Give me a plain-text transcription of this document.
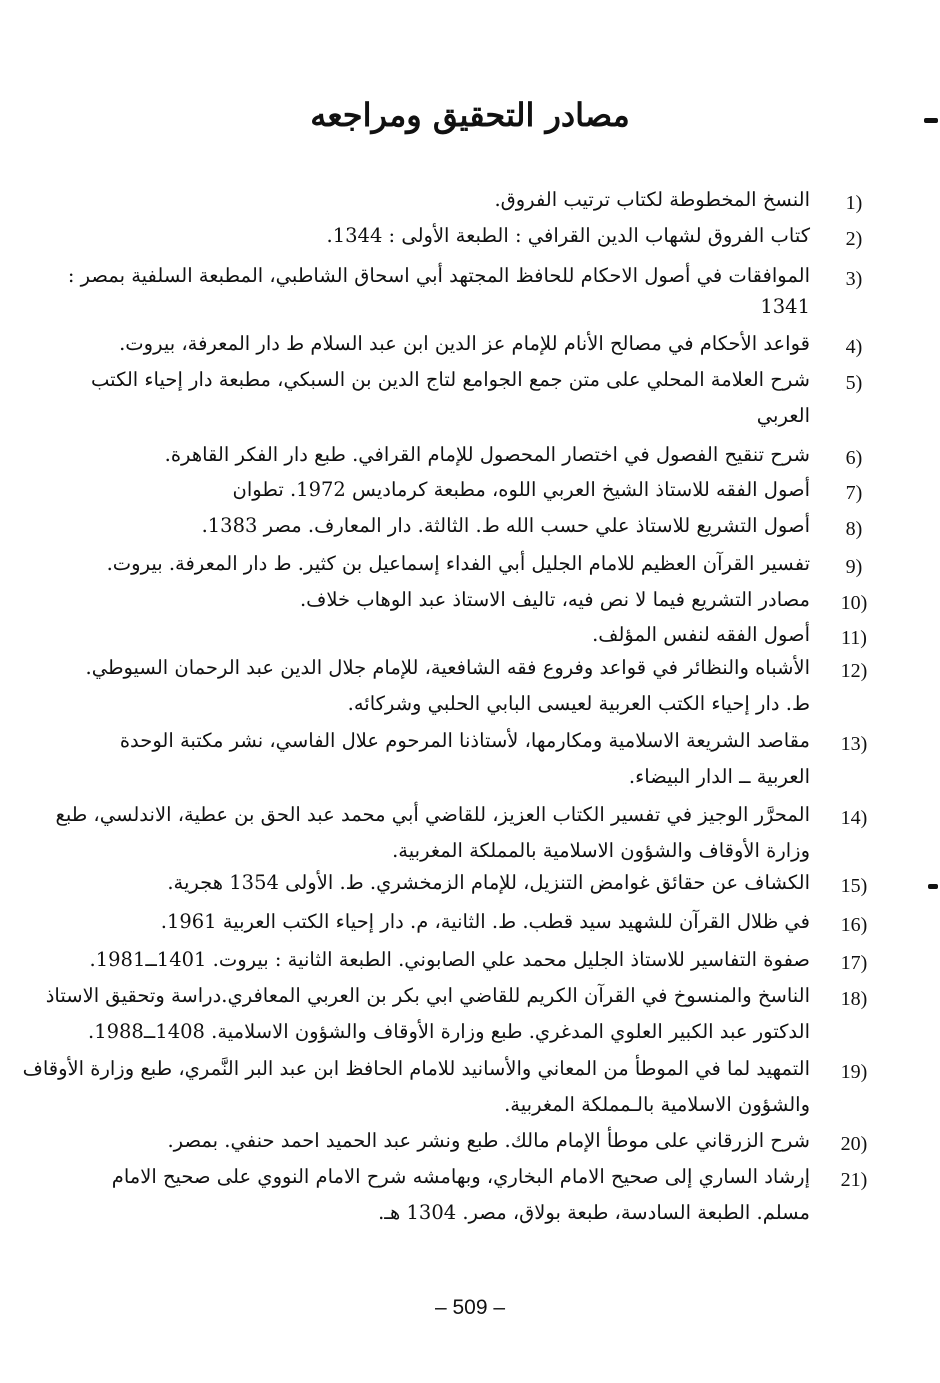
مصادر التحقيق ومراجعه
1)
النسخ المخطوطة لكتاب ترتيب الفروق.
2)
كتاب الفروق لشهاب الدين القرافي : الطبعة الأولى : 1344.
3)
الموافقات في أصول الاحكام للحافظ المجتهد أبي اسحاق الشاطبي، المطبعة السلفية بمصر :
1341
4)
قواعد الأحكام في مصالح الأنام للإمام عز الدين ابن عبد السلام ط دار المعرفة، بيروت.
5)
شرح العلامة المحلي على متن جمع الجوامع لتاج الدين بن السبكي، مطبعة دار إحياء الكتب
العربي
6)
شرح تنقيح الفصول في اختصار المحصول للإمام القرافي. طبع دار الفكر القاهرة.
7)
أصول الفقه للاستاذ الشيخ العربي اللوه، مطبعة كرماديس 1972. تطوان
8)
أصول التشريع للاستاذ علي حسب الله ط. الثالثة. دار المعارف. مصر 1383.
9)
تفسير القرآن العظيم للامام الجليل أبي الفداء إسماعيل بن كثير. ط دار المعرفة. بيروت.
10)
مصادر التشريع فيما لا نص فيه، تاليف الاستاذ عبد الوهاب خلاف.
11)
أصول الفقه لنفس المؤلف.
12)
الأشباه والنظائر في قواعد وفروع فقه الشافعية، للإمام جلال الدين عبد الرحمان السيوطي.
ط. دار إحياء الكتب العربية لعيسى البابي الحلبي وشركائه.
13)
مقاصد الشريعة الاسلامية ومكارمها، لأستاذنا المرحوم علال الفاسي، نشر مكتبة الوحدة
العربية ــ الدار البيضاء.
14)
المحرَّر الوجيز في تفسير الكتاب العزيز، للقاضي أبي محمد عبد الحق بن عطية، الاندلسي، طبع
وزارة الأوقاف والشؤون الاسلامية بالمملكة المغربية.
15)
الكشاف عن حقائق غوامض التنزيل، للإمام الزمخشري. ط. الأولى 1354 هجرية.
16)
في ظلال القرآن للشهيد سيد قطب. ط. الثانية، م. دار إحياء الكتب العربية 1961.
17)
صفوة التفاسير للاستاذ الجليل محمد علي الصابوني. الطبعة الثانية : بيروت. 1401ــ1981.
18)
الناسخ والمنسوخ في القرآن الكريم للقاضي ابي بكر بن العربي المعافري.دراسة وتحقيق الاستاذ
الدكتور عبد الكبير العلوي المدغري. طبع وزارة الأوقاف والشؤون الاسلامية. 1408ــ1988.
19)
التمهيد لما في الموطأ من المعاني والأسانيد للامام الحافظ ابن عبد البر النَّمري، طبع وزارة الأوقاف
والشؤون الاسلامية بالـمملكة المغربية.
20)
شرح الزرقاني على موطأ الإمام مالك. طبع ونشر عبد الحميد احمد حنفي. بمصر.
21)
إرشاد الساري إلى صحيح الامام البخاري، وبهامشه شرح الامام النووي على صحيح الامام
مسلم. الطبعة السادسة، طبعة بولاق، مصر. 1304 هـ.
– 509 –
